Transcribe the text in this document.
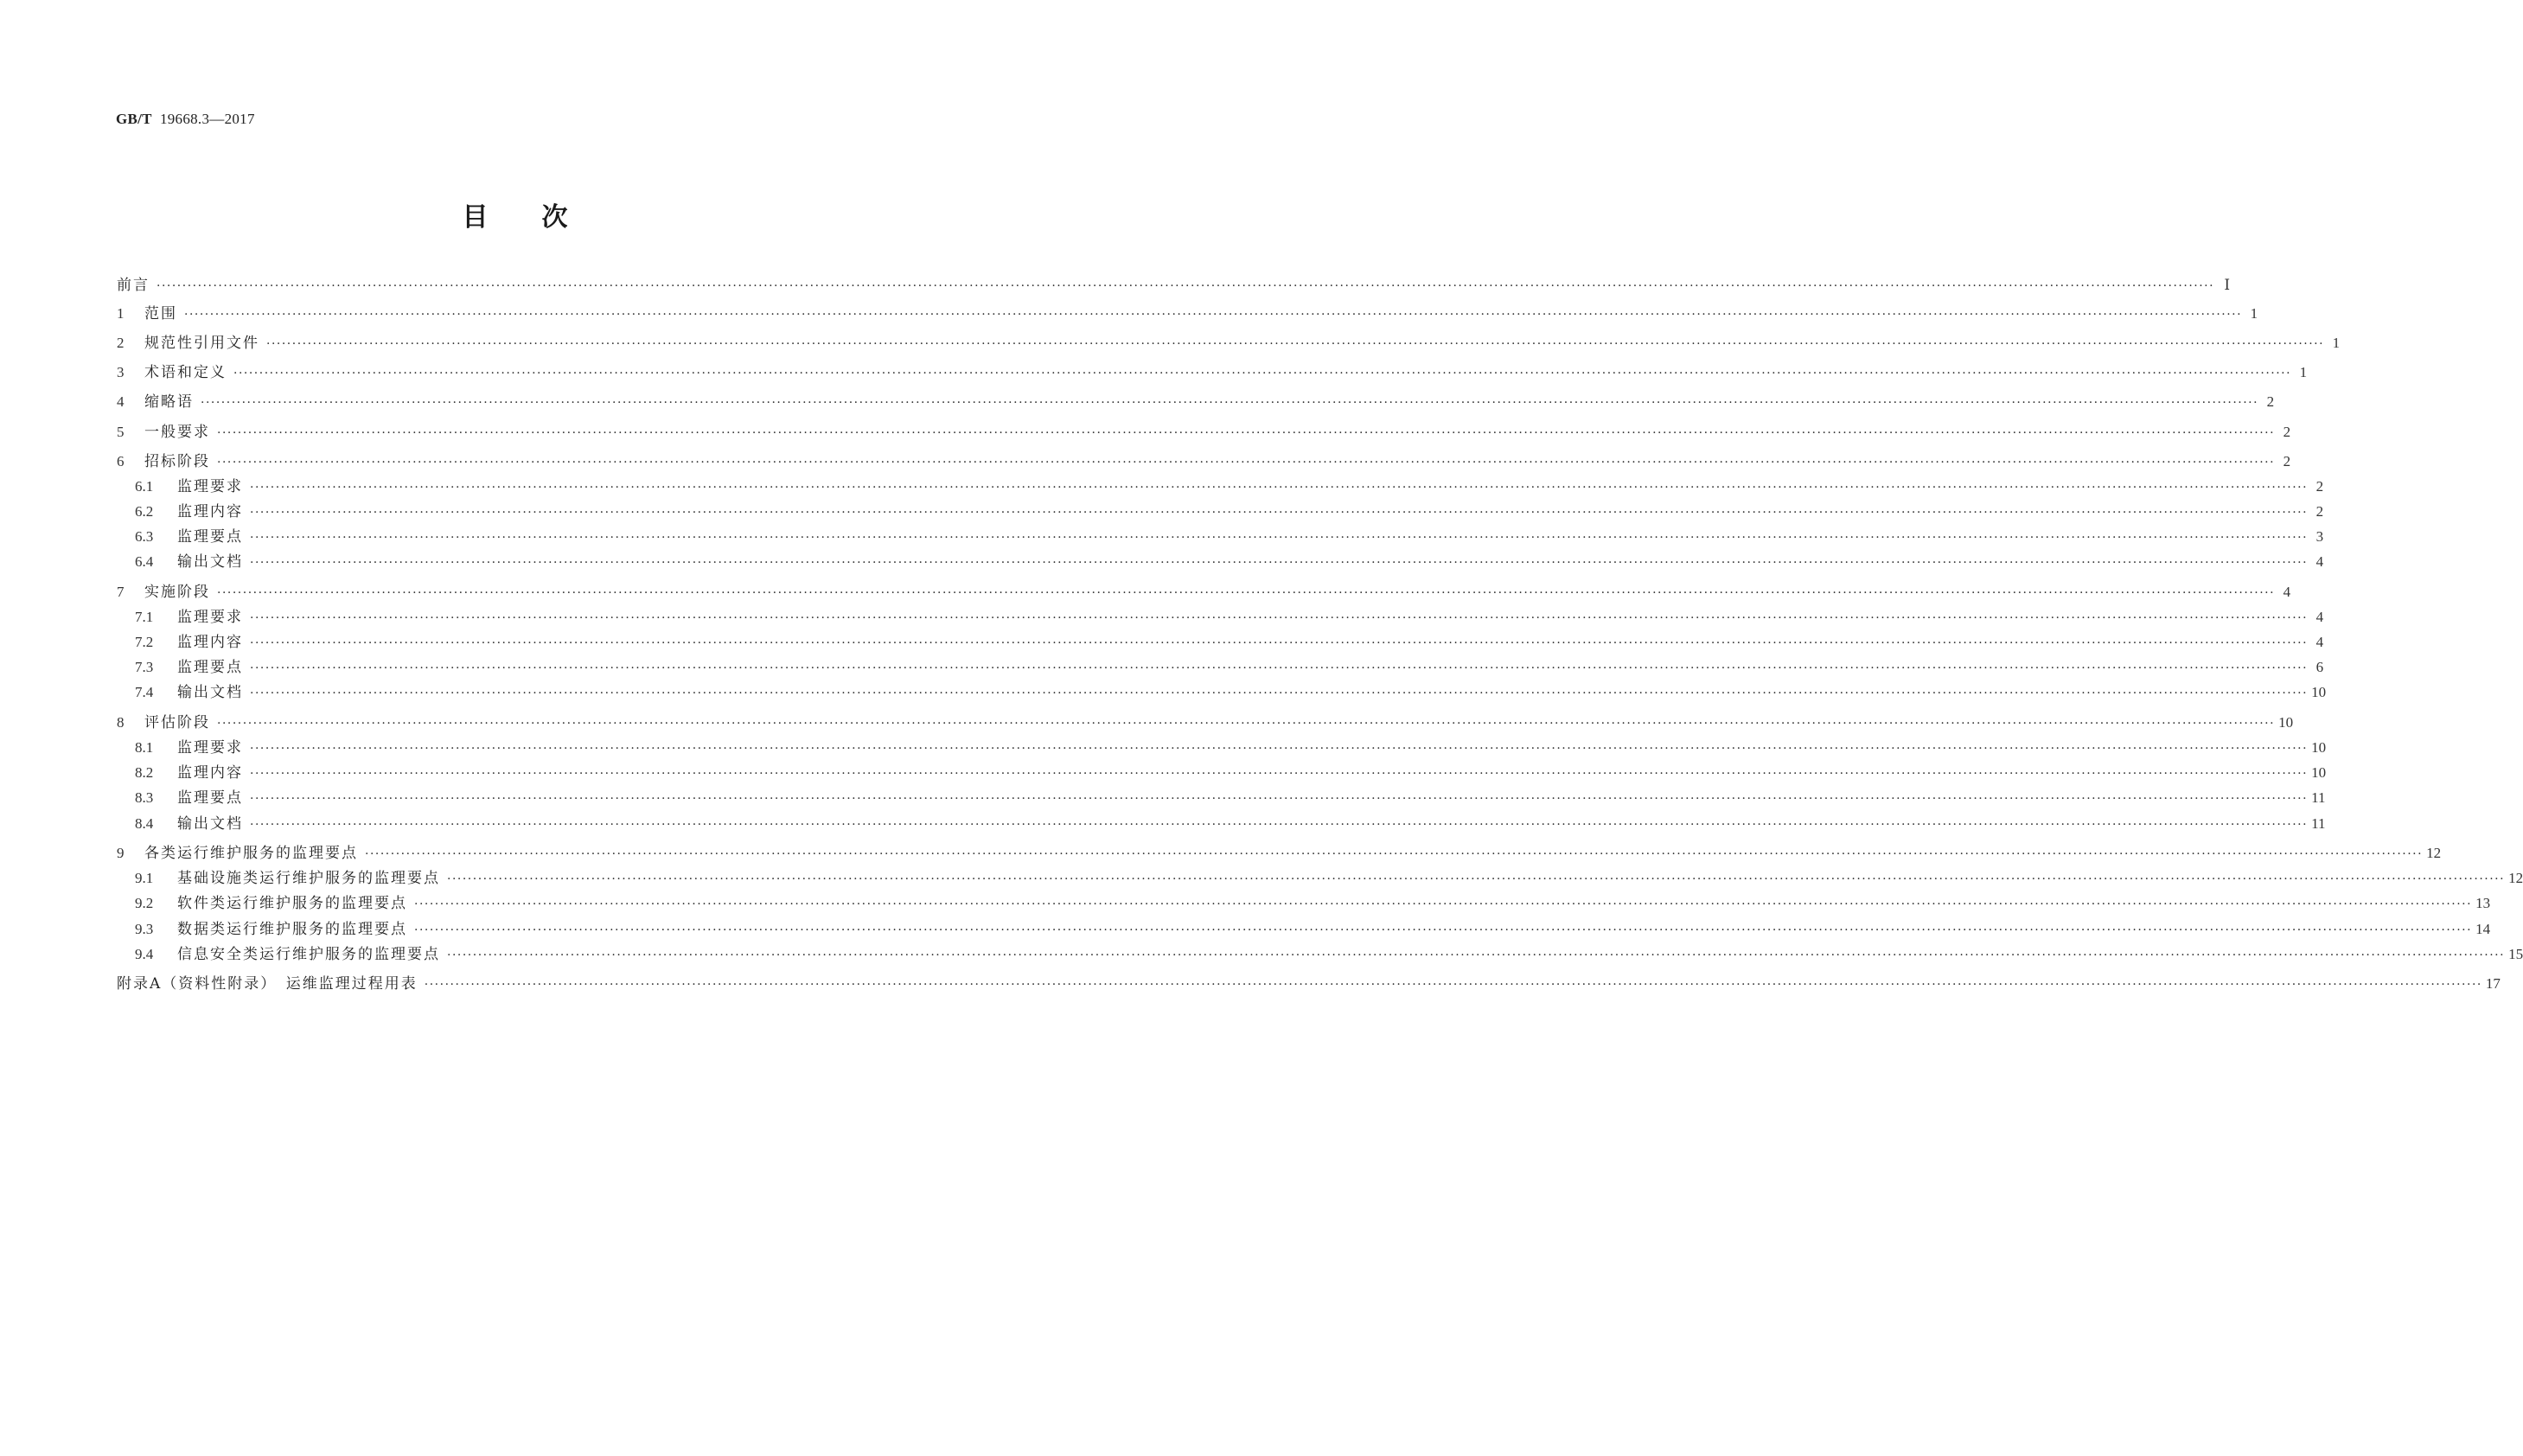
GB/T 19668.3—2017
目次
前言 ················································································································································································································································································································································································································ Ⅰ
1	范围 ················································································································································································································································································································································································································ 1
2	规范性引用文件 ················································································································································································································································································································································································································ 1
3	术语和定义 ················································································································································································································································································································································································································ 1
4	缩略语 ················································································································································································································································································································································································································ 2
5	一般要求 ················································································································································································································································································································································································································ 2
6	招标阶段 ················································································································································································································································································································································································································ 2
6.1	监理要求 ················································································································································································································································································································································································································ 2
6.2	监理内容 ················································································································································································································································································································································································································ 2
6.3	监理要点 ················································································································································································································································································································································································································ 3
6.4	输出文档 ················································································································································································································································································································································································································ 4
7	实施阶段 ················································································································································································································································································································································································································ 4
7.1	监理要求 ················································································································································································································································································································································································································ 4
7.2	监理内容 ················································································································································································································································································································································································································ 4
7.3	监理要点 ················································································································································································································································································································································································································ 6
7.4	输出文档 ················································································································································································································································································································································································································ 10
8	评估阶段 ················································································································································································································································································································································································································ 10
8.1	监理要求 ················································································································································································································································································································································································································ 10
8.2	监理内容 ················································································································································································································································································································································································································ 10
8.3	监理要点 ················································································································································································································································································································································································································ 11
8.4	输出文档 ················································································································································································································································································································································································································ 11
9	各类运行维护服务的监理要点 ················································································································································································································································································································································································································ 12
9.1	基础设施类运行维护服务的监理要点 ················································································································································································································································································································································································································ 12
9.2	软件类运行维护服务的监理要点 ················································································································································································································································································································································································································ 13
9.3	数据类运行维护服务的监理要点 ················································································································································································································································································································································································································ 14
9.4	信息安全类运行维护服务的监理要点 ················································································································································································································································································································································································································ 15
附录A（资料性附录）　运维监理过程用表 ················································································································································································································································································································································································································ 17
